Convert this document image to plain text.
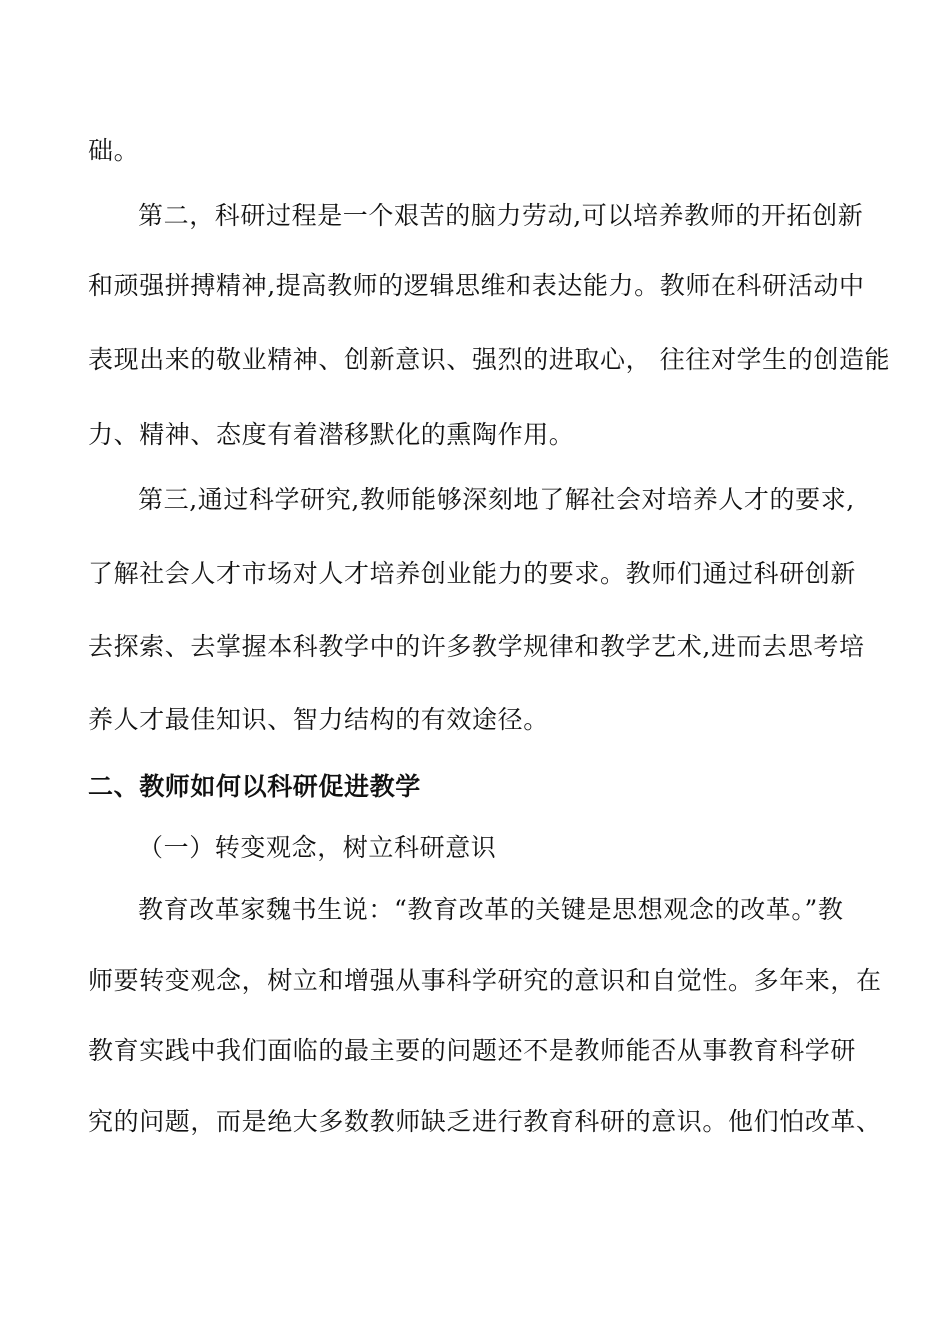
础。
第二，科研过程是一个艰苦的脑力劳动,可以培养教师的开拓创新
和顽强拼搏精神,提高教师的逻辑思维和表达能力。教师在科研活动中
表现出来的敬业精神、创新意识、强烈的进取心， 往往对学生的创造能
力、精神、态度有着潜移默化的熏陶作用。
第三,通过科学研究,教师能够深刻地了解社会对培养人才的要求,
了解社会人才市场对人才培养创业能力的要求。教师们通过科研创新
去探索、去掌握本科教学中的许多教学规律和教学艺术,进而去思考培
养人才最佳知识、智力结构的有效途径。
二、教师如何以科研促进教学
（一）转变观念，树立科研意识
教育改革家魏书生说：“教育改革的关键是思想观念的改革。”教
师要转变观念，树立和增强从事科学研究的意识和自觉性。多年来，在
教育实践中我们面临的最主要的问题还不是教师能否从事教育科学研
究的问题，而是绝大多数教师缺乏进行教育科研的意识。他们怕改革、
